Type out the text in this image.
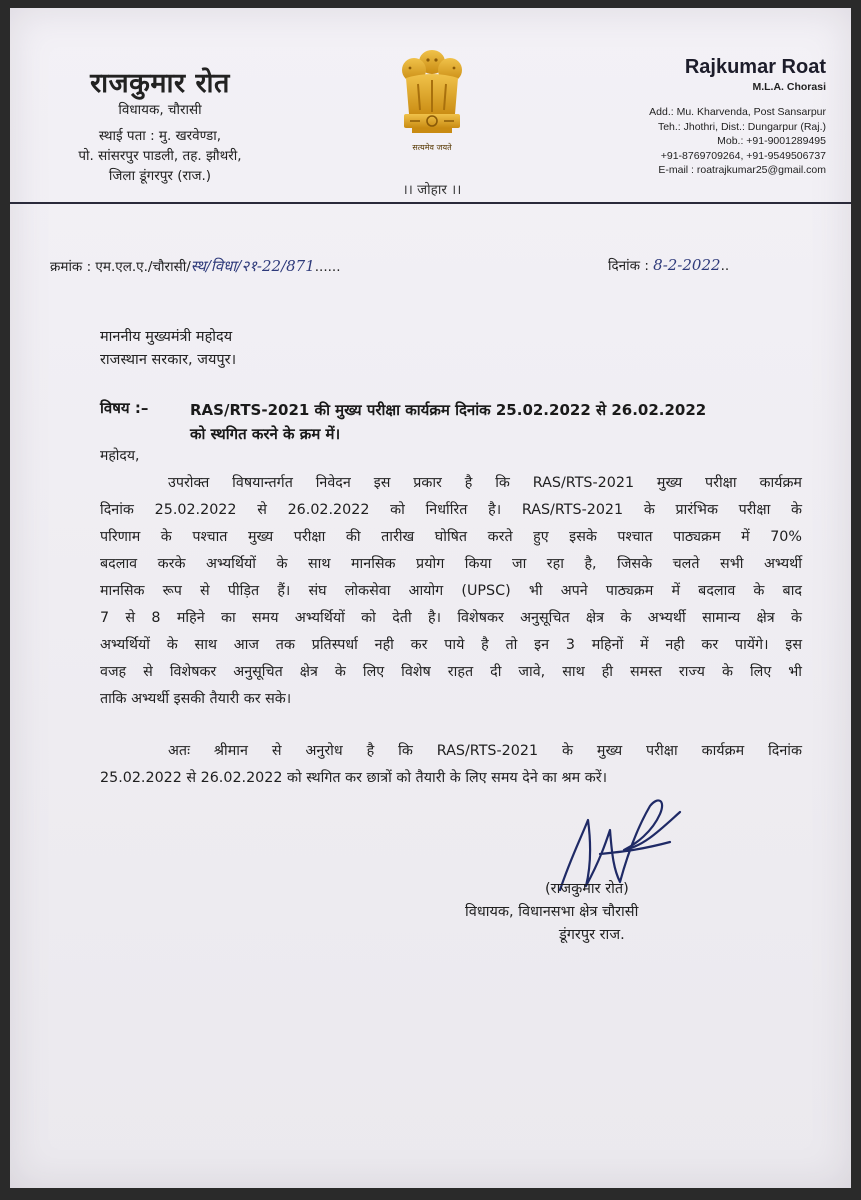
राजकुमार रोत
विधायक, चौरासी
स्थाई पता : मु. खरवेण्डा,
पो. सांसरपुर पाडली, तह. झौथरी,
जिला डूंगरपुर (राज.)
सत्यमेव जयते
।। जोहार ।।
Rajkumar Roat
M.L.A. Chorasi
Add.: Mu. Kharvenda, Post Sansarpur
Teh.: Jhothri, Dist.: Dungarpur (Raj.)
Mob.: +91-9001289495
+91-8769709264, +91-9549506737
E-mail : roatrajkumar25@gmail.com
क्रमांक : एम.एल.ए./चौरासी/स्थ/विधा/२१-22/871......	दिनांक : 8-2-2022..
माननीय मुख्यमंत्री महोदय
राजस्थान सरकार, जयपुर।
विषय :–	RAS/RTS-2021 की मुख्य परीक्षा कार्यक्रम दिनांक 25.02.2022 से 26.02.2022
को स्थगित करने के क्रम में।
महोदय,
उपरोक्त विषयान्तर्गत निवेदन इस प्रकार है कि RAS/RTS-2021 मुख्य परीक्षा कार्यक्रम
दिनांक 25.02.2022 से 26.02.2022 को निर्धारित है। RAS/RTS-2021 के प्रारंभिक परीक्षा के
परिणाम के पश्चात मुख्य परीक्षा की तारीख घोषित करते हुए इसके पश्चात पाठ्यक्रम में 70%
बदलाव करके अभ्यर्थियों के साथ मानसिक प्रयोग किया जा रहा है, जिसके चलते सभी अभ्यर्थी
मानसिक रूप से पीड़ित हैं। संघ लोकसेवा आयोग (UPSC) भी अपने पाठ्यक्रम में बदलाव के बाद
7 से 8 महिने का समय अभ्यर्थियों को देती है। विशेषकर अनुसूचित क्षेत्र के अभ्यर्थी सामान्य क्षेत्र के
अभ्यर्थियों के साथ आज तक प्रतिस्पर्धा नही कर पाये है तो इन 3 महिनों में नही कर पायेंगे। इस
वजह से विशेषकर अनुसूचित क्षेत्र के लिए विशेष राहत दी जावे, साथ ही समस्त राज्य के लिए भी
ताकि अभ्यर्थी इसकी तैयारी कर सके।
अतः श्रीमान से अनुरोध है कि RAS/RTS-2021 के मुख्य परीक्षा कार्यक्रम दिनांक
25.02.2022 से 26.02.2022 को स्थगित कर छात्रों को तैयारी के लिए समय देने का श्रम करें।
(राजकुमार रोत)
विधायक, विधानसभा क्षेत्र चौरासी
डूंगरपुर राज.
